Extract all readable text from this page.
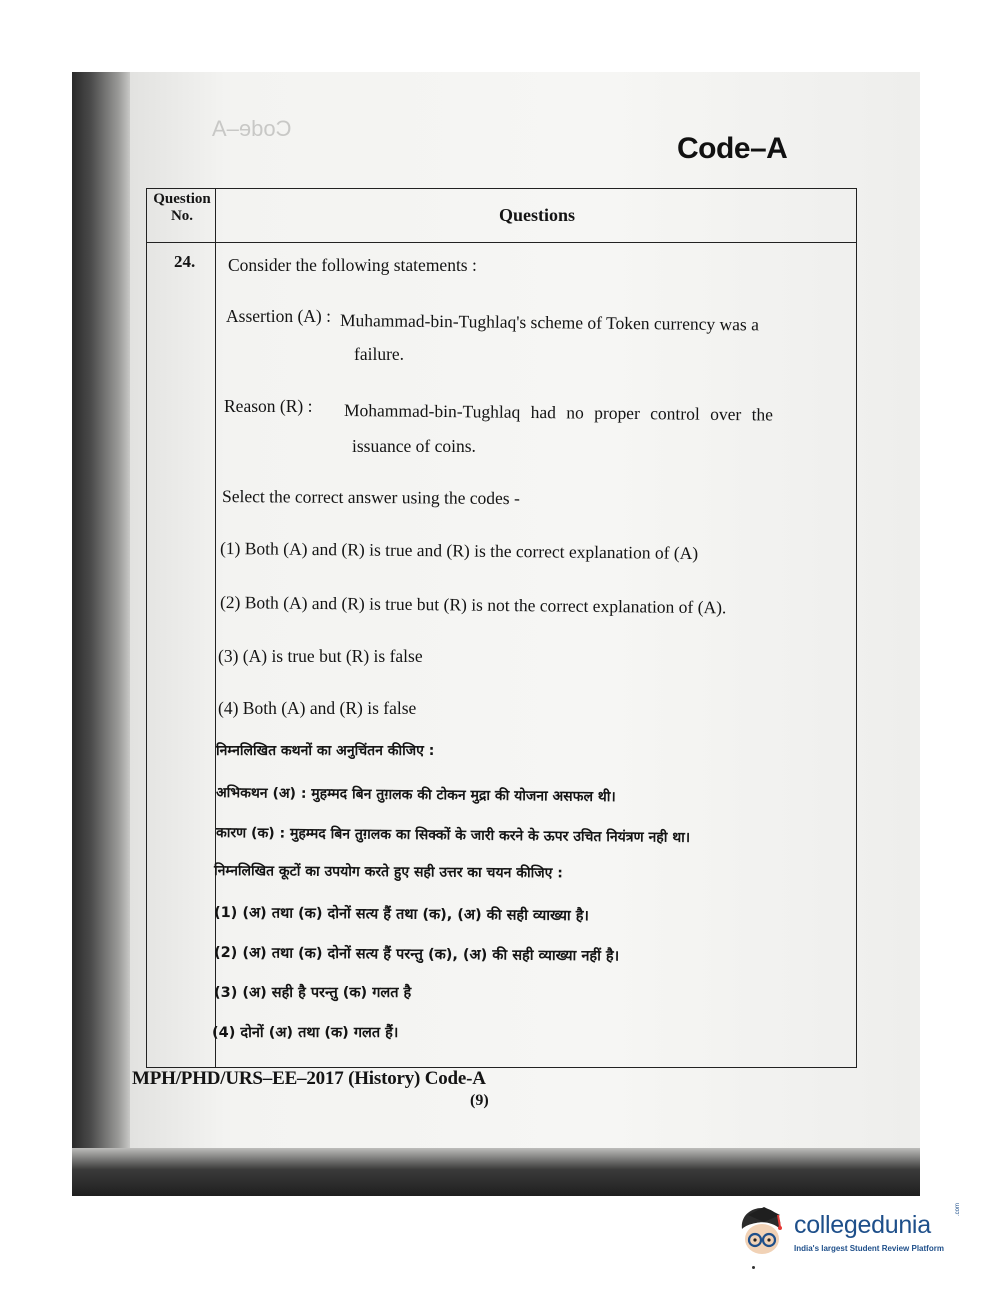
Code–A
Code–A
Question No.	Questions
24. Consider the following statements :
Assertion (A) : Muhammad-bin-Tughlaq's scheme of Token currency was a
failure.
Reason (R) : Mohammad-bin-Tughlaq had no proper control over the
issuance of coins.
Select the correct answer using the codes -
(1) Both (A) and (R) is true and (R) is the correct explanation of (A)
(2) Both (A) and (R) is true but (R) is not the correct explanation of (A).
(3) (A) is true but (R) is false
(4) Both (A) and (R) is false
निम्नलिखित कथनों का अनुचिंतन कीजिए :
अभिकथन (अ) : मुहम्मद बिन तुग़लक की टोकन मुद्रा की योजना असफल थी।
कारण (क) : मुहम्मद बिन तुग़लक का सिक्कों के जारी करने के ऊपर उचित नियंत्रण नही था।
निम्नलिखित कूटों का उपयोग करते हुए सही उत्तर का चयन कीजिए :
(1) (अ) तथा (क) दोनों सत्य हैं तथा (क), (अ) की सही व्याख्या है।
(2) (अ) तथा (क) दोनों सत्य हैं परन्तु (क), (अ) की सही व्याख्या नहीं है।
(3) (अ) सही है परन्तु (क) गलत है
(4) दोनों (अ) तथा (क) गलत हैं।
MPH/PHD/URS–EE–2017 (History) Code-A
(9)
collegedunia
.com
India's largest Student Review Platform
